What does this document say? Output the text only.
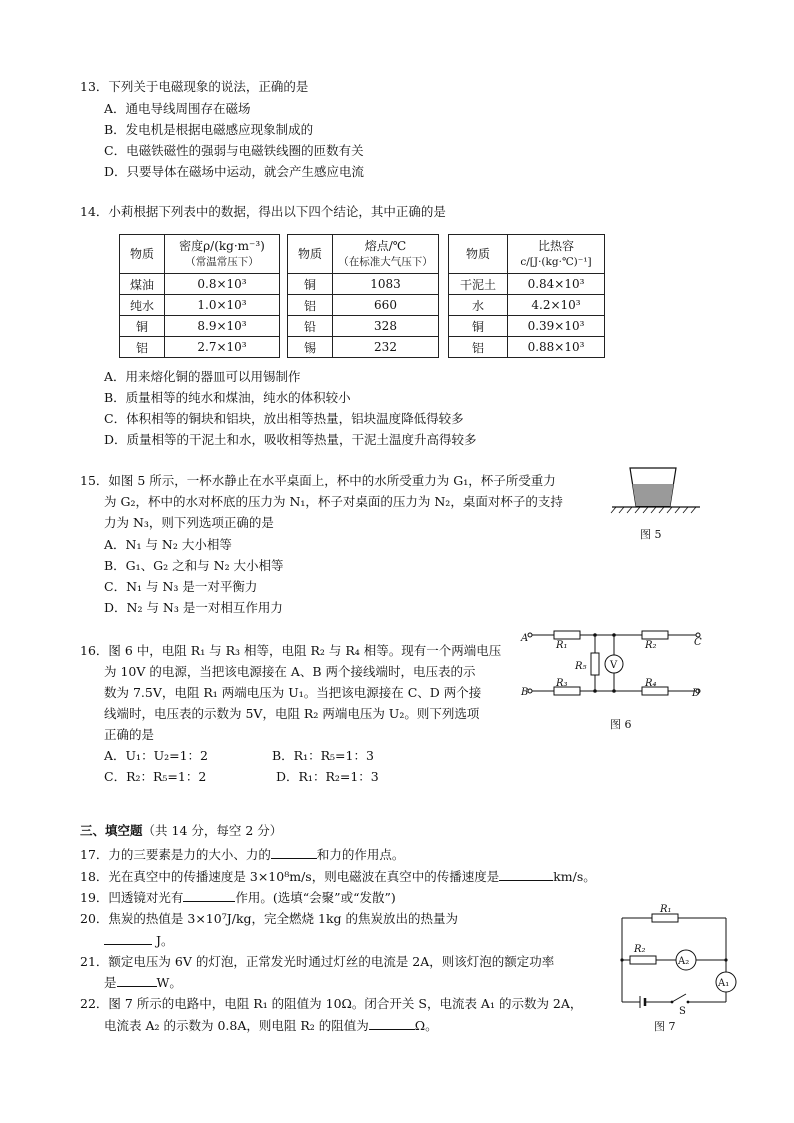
13．下列关于电磁现象的说法，正确的是
A．通电导线周围存在磁场
B．发电机是根据电磁感应现象制成的
C．电磁铁磁性的强弱与电磁铁线圈的匝数有关
D．只要导体在磁场中运动，就会产生感应电流
14．小莉根据下列表中的数据，得出以下四个结论，其中正确的是
物质	密度ρ/(kg·m⁻³)
（常温常压下）

煤油	0.8×10³
纯水	1.0×10³
铜	8.9×10³
铝	2.7×10³
物质	熔点/℃
（在标准大气压下）

铜	1083
铝	660
铅	328
锡	232
物质	比热容
c/[J·(kg·℃)⁻¹]

干泥土	0.84×10³
水	4.2×10³
铜	0.39×10³
铝	0.88×10³
A．用来熔化铜的器皿可以用锡制作
B．质量相等的纯水和煤油，纯水的体积较小
C．体积相等的铜块和铝块，放出相等热量，铝块温度降低得较多
D．质量相等的干泥土和水，吸收相等热量，干泥土温度升高得较多
15．如图 5 所示，一杯水静止在水平桌面上，杯中的水所受重力为 G₁，杯子所受重力
为 G₂，杯中的水对杯底的压力为 N₁，杯子对桌面的压力为 N₂，桌面对杯子的支持
力为 N₃，则下列选项正确的是
A．N₁ 与 N₂ 大小相等
B．G₁、G₂ 之和与 N₂ 大小相等
C．N₁ 与 N₃ 是一对平衡力
D．N₂ 与 N₃ 是一对相互作用力
图 5
16．图 6 中，电阻 R₁ 与 R₃ 相等，电阻 R₂ 与 R₄ 相等。现有一个两端电压
为 10V 的电源，当把该电源接在 A、B 两个接线端时，电压表的示
数为 7.5V，电阻 R₁ 两端电压为 U₁。当把该电源接在 C、D 两个接
线端时，电压表的示数为 5V，电阻 R₂ 两端电压为 U₂。则下列选项
正确的是
A．U₁：U₂=1：2	B．R₁：R₅=1：3
C．R₂：R₅=1：2	D．R₁：R₂=1：3
A
B
C
D
R₁	R₂
R₃	R₄
R₅ V
图 6
三、填空题（共 14 分，每空 2 分）
17．力的三要素是力的大小、力的	和力的作用点。
18．光在真空中的传播速度是 3×10⁸m/s，则电磁波在真空中的传播速度是	km/s。
19．凹透镜对光有	作用。(选填“会聚”或“发散”)
20．焦炭的热值是 3×10⁷J/kg，完全燃烧 1kg 的焦炭放出的热量为
J。
21．额定电压为 6V 的灯泡，正常发光时通过灯丝的电流是 2A，则该灯泡的额定功率
是	W。
22．图 7 所示的电路中，电阻 R₁ 的阻值为 10Ω。闭合开关 S，电流表 A₁ 的示数为 2A，
电流表 A₂ 的示数为 0.8A，则电阻 R₂ 的阻值为	Ω。
R₁
R₂
A₂
A₁
S
图 7
